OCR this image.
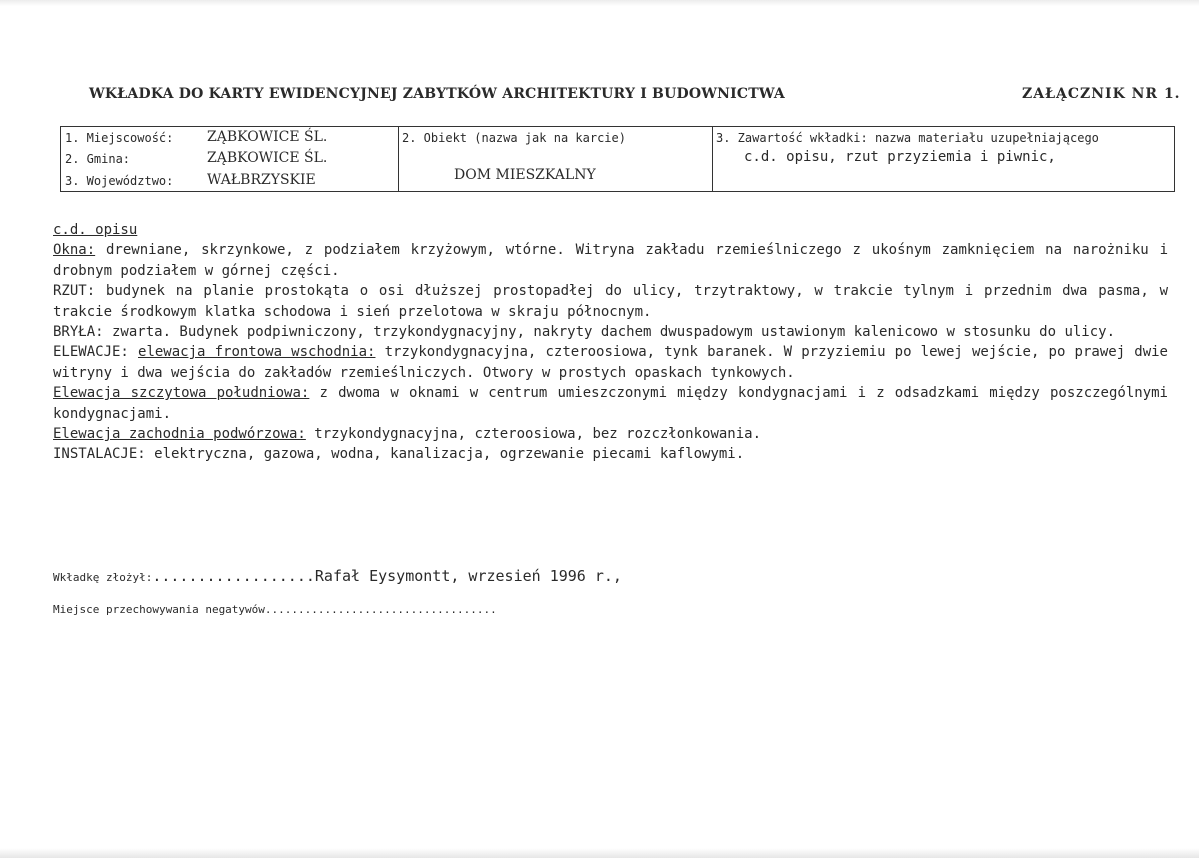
WKŁADKA DO KARTY EWIDENCYJNEJ ZABYTKÓW ARCHITEKTURY I BUDOWNICTWA	ZAŁĄCZNIK NR 1.
1. Miejscowość: ZĄBKOWICE ŚL.
2. Gmina:	ZĄBKOWICE ŚL.
3. Województwo: WAŁBRZYSKIE
2. Obiekt (nazwa jak na karcie)
DOM MIESZKALNY
3. Zawartość wkładki: nazwa materiału uzupełniającego
c.d. opisu, rzut przyziemia i piwnic,

c.d. opisu

Okna: drewniane, skrzynkowe, z podziałem krzyżowym, wtórne. Witryna zakładu rzemieślniczego z ukośnym zamknięciem na narożniku i drobnym podziałem w górnej części.

RZUT: budynek na planie prostokąta o osi dłuższej prostopadłej do ulicy, trzytraktowy, w trakcie tylnym i przednim dwa pasma, w trakcie środkowym klatka schodowa i sień przelotowa w skraju północnym.

BRYŁA: zwarta. Budynek podpiwniczony, trzykondygnacyjny, nakryty dachem dwuspadowym ustawionym kalenicowo w stosunku do ulicy.

ELEWACJE: elewacja frontowa wschodnia: trzykondygnacyjna, czteroosiowa, tynk baranek. W przyziemiu po lewej wejście, po prawej dwie witryny i dwa wejścia do zakładów rzemieślniczych. Otwory w prostych opaskach tynkowych.

Elewacja szczytowa południowa: z dwoma w oknami w centrum umieszczonymi między kondygnacjami i z odsadzkami między poszczególnymi kondygnacjami.

Elewacja zachodnia podwórzowa: trzykondygnacyjna, czteroosiowa, bez rozczłonkowania.

INSTALACJE: elektryczna, gazowa, wodna, kanalizacja, ogrzewanie piecami kaflowymi.

Wkładkę złożył:..................Rafał Eysymontt, wrzesień 1996 r.,
Miejsce przechowywania negatywów...................................
